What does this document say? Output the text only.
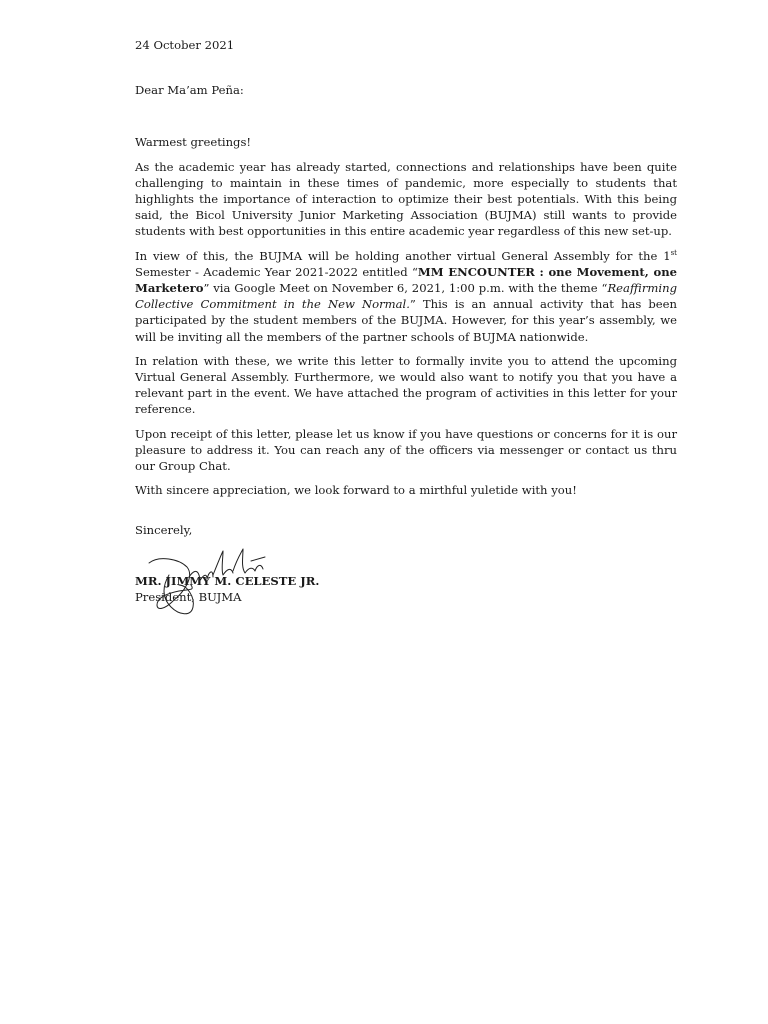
24 October 2021
Dear Ma’am Peña:
Warmest greetings!

As the academic year has already started, connections and relationships have been quite challenging to maintain in these times of pandemic, more especially to students that highlights the importance of interaction to optimize their best potentials. With this being said, the Bicol University Junior Marketing Association (BUJMA) still wants to provide students with best opportunities in this entire academic year regardless of this new set-up.

In view of this, the BUJMA will be holding another virtual General Assembly for the 1st Semester - Academic Year 2021-2022 entitled “MM ENCOUNTER : one Movement, one Marketero” via Google Meet on November 6, 2021, 1:00 p.m. with the theme “Reaffirming Collective Commitment in the New Normal.” This is an annual activity that has been participated by the student members of the BUJMA. However, for this year’s assembly, we will be inviting all the members of the partner schools of BUJMA nationwide.

In relation with these, we write this letter to formally invite you to attend the upcoming Virtual General Assembly. Furthermore, we would also want to notify you that you have a relevant part in the event. We have attached the program of activities in this letter for your reference.

Upon receipt of this letter, please let us know if you have questions or concerns for it is our pleasure to address it. You can reach any of the officers via messenger or contact us thru our Group Chat.

With sincere appreciation, we look forward to a mirthful yuletide with you!

Sincerely,
MR. JIMMY M. CELESTE JR.
President, BUJMA
